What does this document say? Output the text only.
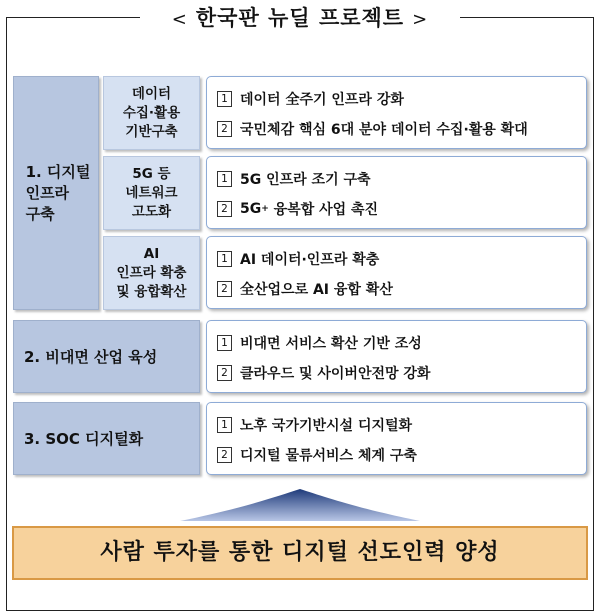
< 한국판 뉴딜 프로젝트 >
1. 디지털
인프라
구축
데이터
수집·활용
기반구축
1 데이터 全주기 인프라 강화
2 국민체감 핵심 6대 분야 데이터 수집·활용 확대
5G 등
네트워크
고도화
1 5G 인프라 조기 구축
2 5G + 융복합 사업 촉진
AI
인프라 확충
및 융합확산
1 AI 데이터·인프라 확충
2 全산업으로 AI 융합 확산
2. 비대면 산업 육성
1 비대면 서비스 확산 기반 조성
2 클라우드 및 사이버안전망 강화
3. SOC 디지털화
1 노후 국가기반시설 디지털화
2 디지털 물류서비스 체계 구축
사람 투자를 통한 디지털 선도인력 양성
